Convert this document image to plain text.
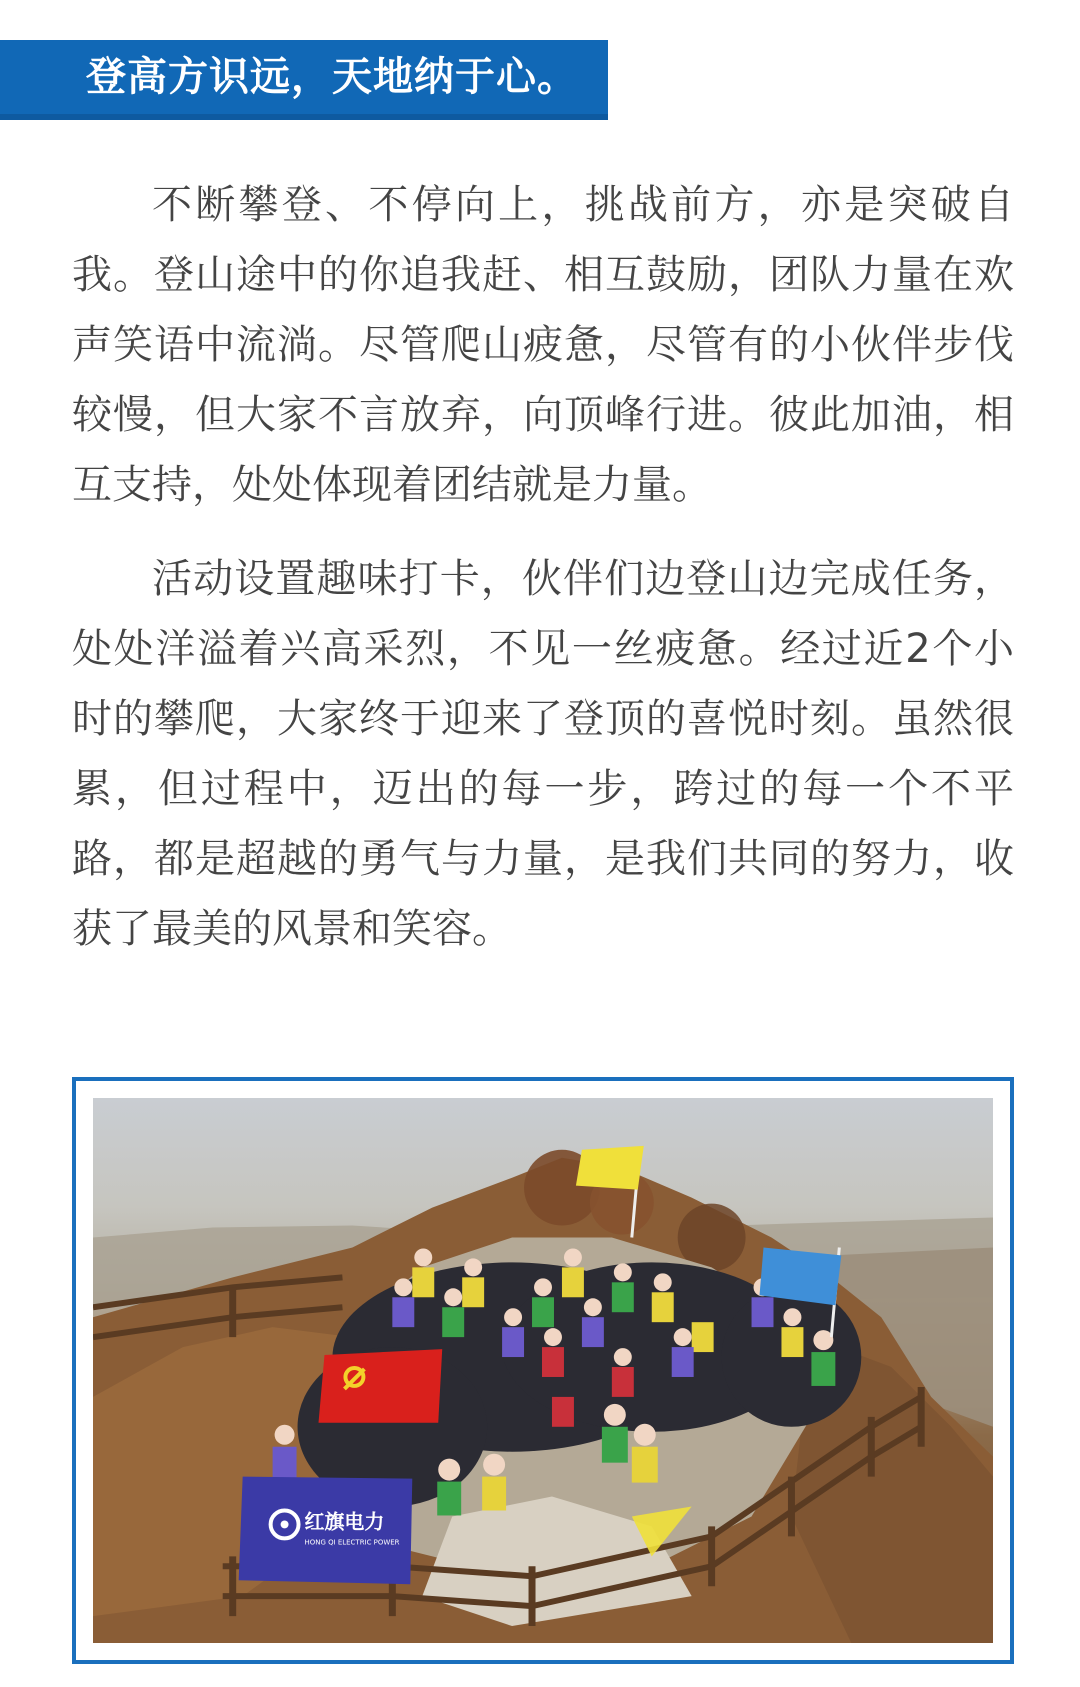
登高方识远，天地纳于心。

不断攀登、不停向上，挑战前方，亦是突破自我。登山途中的你追我赶、相互鼓励，团队力量在欢声笑语中流淌。尽管爬山疲惫，尽管有的小伙伴步伐较慢，但大家不言放弃，向顶峰行进。彼此加油，相互支持，处处体现着团结就是力量。

活动设置趣味打卡，伙伴们边登山边完成任务，处处洋溢着兴高采烈，不见一丝疲惫。经过近2个小时的攀爬，大家终于迎来了登顶的喜悦时刻。虽然很累，但过程中，迈出的每一步，跨过的每一个不平路，都是超越的勇气与力量，是我们共同的努力，收获了最美的风景和笑容。

红旗电力
HONG QI ELECTRIC POWER
